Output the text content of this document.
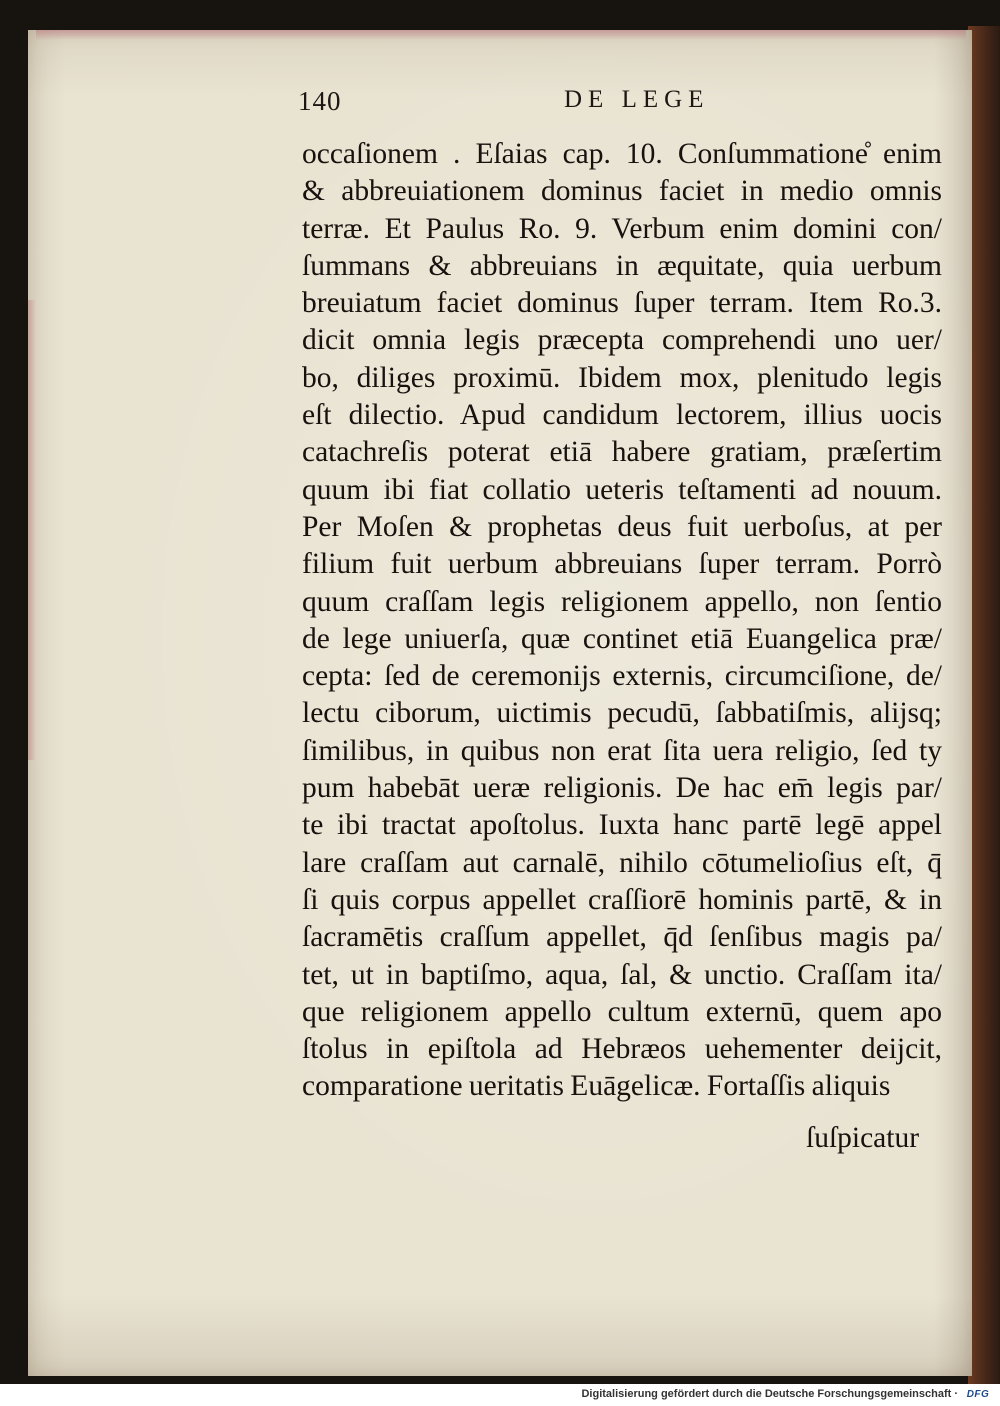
140	DE LEGE
occaſionem . Eſaias cap. 10. Conſummatione̊ enim
& abbreuiationem dominus faciet in medio omnis
terræ. Et Paulus Ro. 9. Verbum enim domini con/
ſummans & abbreuians in æquitate, quia uerbum
breuiatum faciet dominus ſuper terram. Item Ro.3.
dicit omnia legis præcepta comprehendi uno uer/
bo, diliges proximū. Ibidem mox, plenitudo legis
eſt dilectio. Apud candidum lectorem, illius uocis
catachreſis poterat etiā habere gratiam, præſertim
quum ibi fiat collatio ueteris teſtamenti ad nouum.
Per Moſen & prophetas deus fuit uerboſus, at per
filium fuit uerbum abbreuians ſuper terram. Porrò
quum craſſam legis religionem appello, non ſentio
de lege uniuerſa, quæ continet etiā Euangelica præ/
cepta: ſed de ceremonijs externis, circumciſione, de/
lectu ciborum, uictimis pecudū, ſabbatiſmis, alijsq;
ſimilibus, in quibus non erat ſita uera religio, ſed ty
pum habebāt ueræ religionis. De hac em̄ legis par/
te ibi tractat apoſtolus. Iuxta hanc partē legē appel
lare craſſam aut carnalē, nihilo cōtumelioſius eſt, q̄
ſi quis corpus appellet craſſiorē hominis partē, & in
ſacramētis craſſum appellet, q̄d ſenſibus magis pa/
tet, ut in baptiſmo, aqua, ſal, & unctio. Craſſam ita/
que religionem appello cultum externū, quem apo
ſtolus in epiſtola ad Hebræos uehementer deijcit,
comparatione ueritatis Euāgelicæ. Fortaſſis aliquis
ſuſpicatur
Digitalisierung gefördert durch die Deutsche Forschungsgemeinschaft · DFG
